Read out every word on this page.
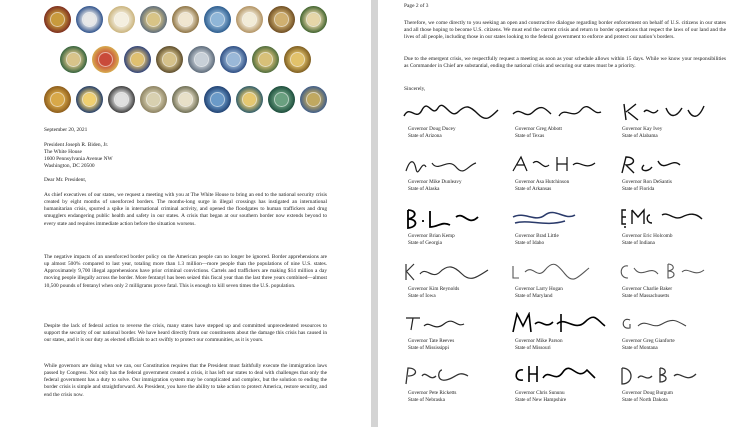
September 20, 2021

President Joseph R. Biden, Jr.

The White House

1600 Pennsylvania Avenue NW

Washington, DC 20500

Dear Mr. President,

As chief executives of our states, we request a meeting with you at The White House to bring an end to the national security crisis created by eight months of unenforced borders. The months-long surge in illegal crossings has instigated an international humanitarian crisis, spurred a spike in international criminal activity, and opened the floodgates to human traffickers and drug smugglers endangering public health and safety in our states. A crisis that began at our southern border now extends beyond to every state and requires immediate action before the situation worsens.

The negative impacts of an unenforced border policy on the American people can no longer be ignored. Border apprehensions are up almost 500% compared to last year, totaling more than 1.3 million—more people than the populations of nine U.S. states. Approximately 9,700 illegal apprehensions have prior criminal convictions. Cartels and traffickers are making $14 million a day moving people illegally across the border. More fentanyl has been seized this fiscal year than the last three years combined—almost 10,500 pounds of fentanyl when only 2 milligrams prove fatal. This is enough to kill seven times the U.S. population.

Despite the lack of federal action to reverse the crisis, many states have stepped up and committed unprecedented resources to support the security of our national border. We have heard directly from our constituents about the damage this crisis has caused in our states, and it is our duty as elected officials to act swiftly to protect our communities, as it is yours.

While governors are doing what we can, our Constitution requires that the President must faithfully execute the immigration laws passed by Congress. Not only has the federal government created a crisis, it has left our states to deal with challenges that only the federal government has a duty to solve. Our immigration system may be complicated and complex, but the solution to ending the border crisis is simple and straightforward. As President, you have the ability to take action to protect America, restore security, and end the crisis now.

Page 2 of 3

Therefore, we come directly to you seeking an open and constructive dialogue regarding border enforcement on behalf of U.S. citizens in our states and all those hoping to become U.S. citizens. We must end the current crisis and return to border operations that respect the laws of our land and the lives of all people, including those in our states looking to the federal government to enforce and protect our nation’s borders.

Due to the emergent crisis, we respectfully request a meeting as soon as your schedule allows within 15 days. While we know your responsibilities as Commander in Chief are substantial, ending the national crisis and securing our states must be a priority.

Sincerely,

Governor Doug Ducey
State of Arizona
Governor Greg Abbott
State of Texas
Governor Kay Ivey
State of Alabama
Governor Mike Dunleavy
State of Alaska
Governor Asa Hutchinson
State of Arkansas
Governor Ron DeSantis
State of Florida
Governor Brian Kemp
State of Georgia
Governor Brad Little
State of Idaho
Governor Eric Holcomb
State of Indiana
Governor Kim Reynolds
State of Iowa
Governor Larry Hogan
State of Maryland
Governor Charlie Baker
State of Massachusetts
Governor Tate Reeves
State of Mississippi
Governor Mike Parson
State of Missouri
Governor Greg Gianforte
State of Montana
Governor Pete Ricketts
State of Nebraska
Governor Chris Sununu
State of New Hampshire
Governor Doug Burgum
State of North Dakota
